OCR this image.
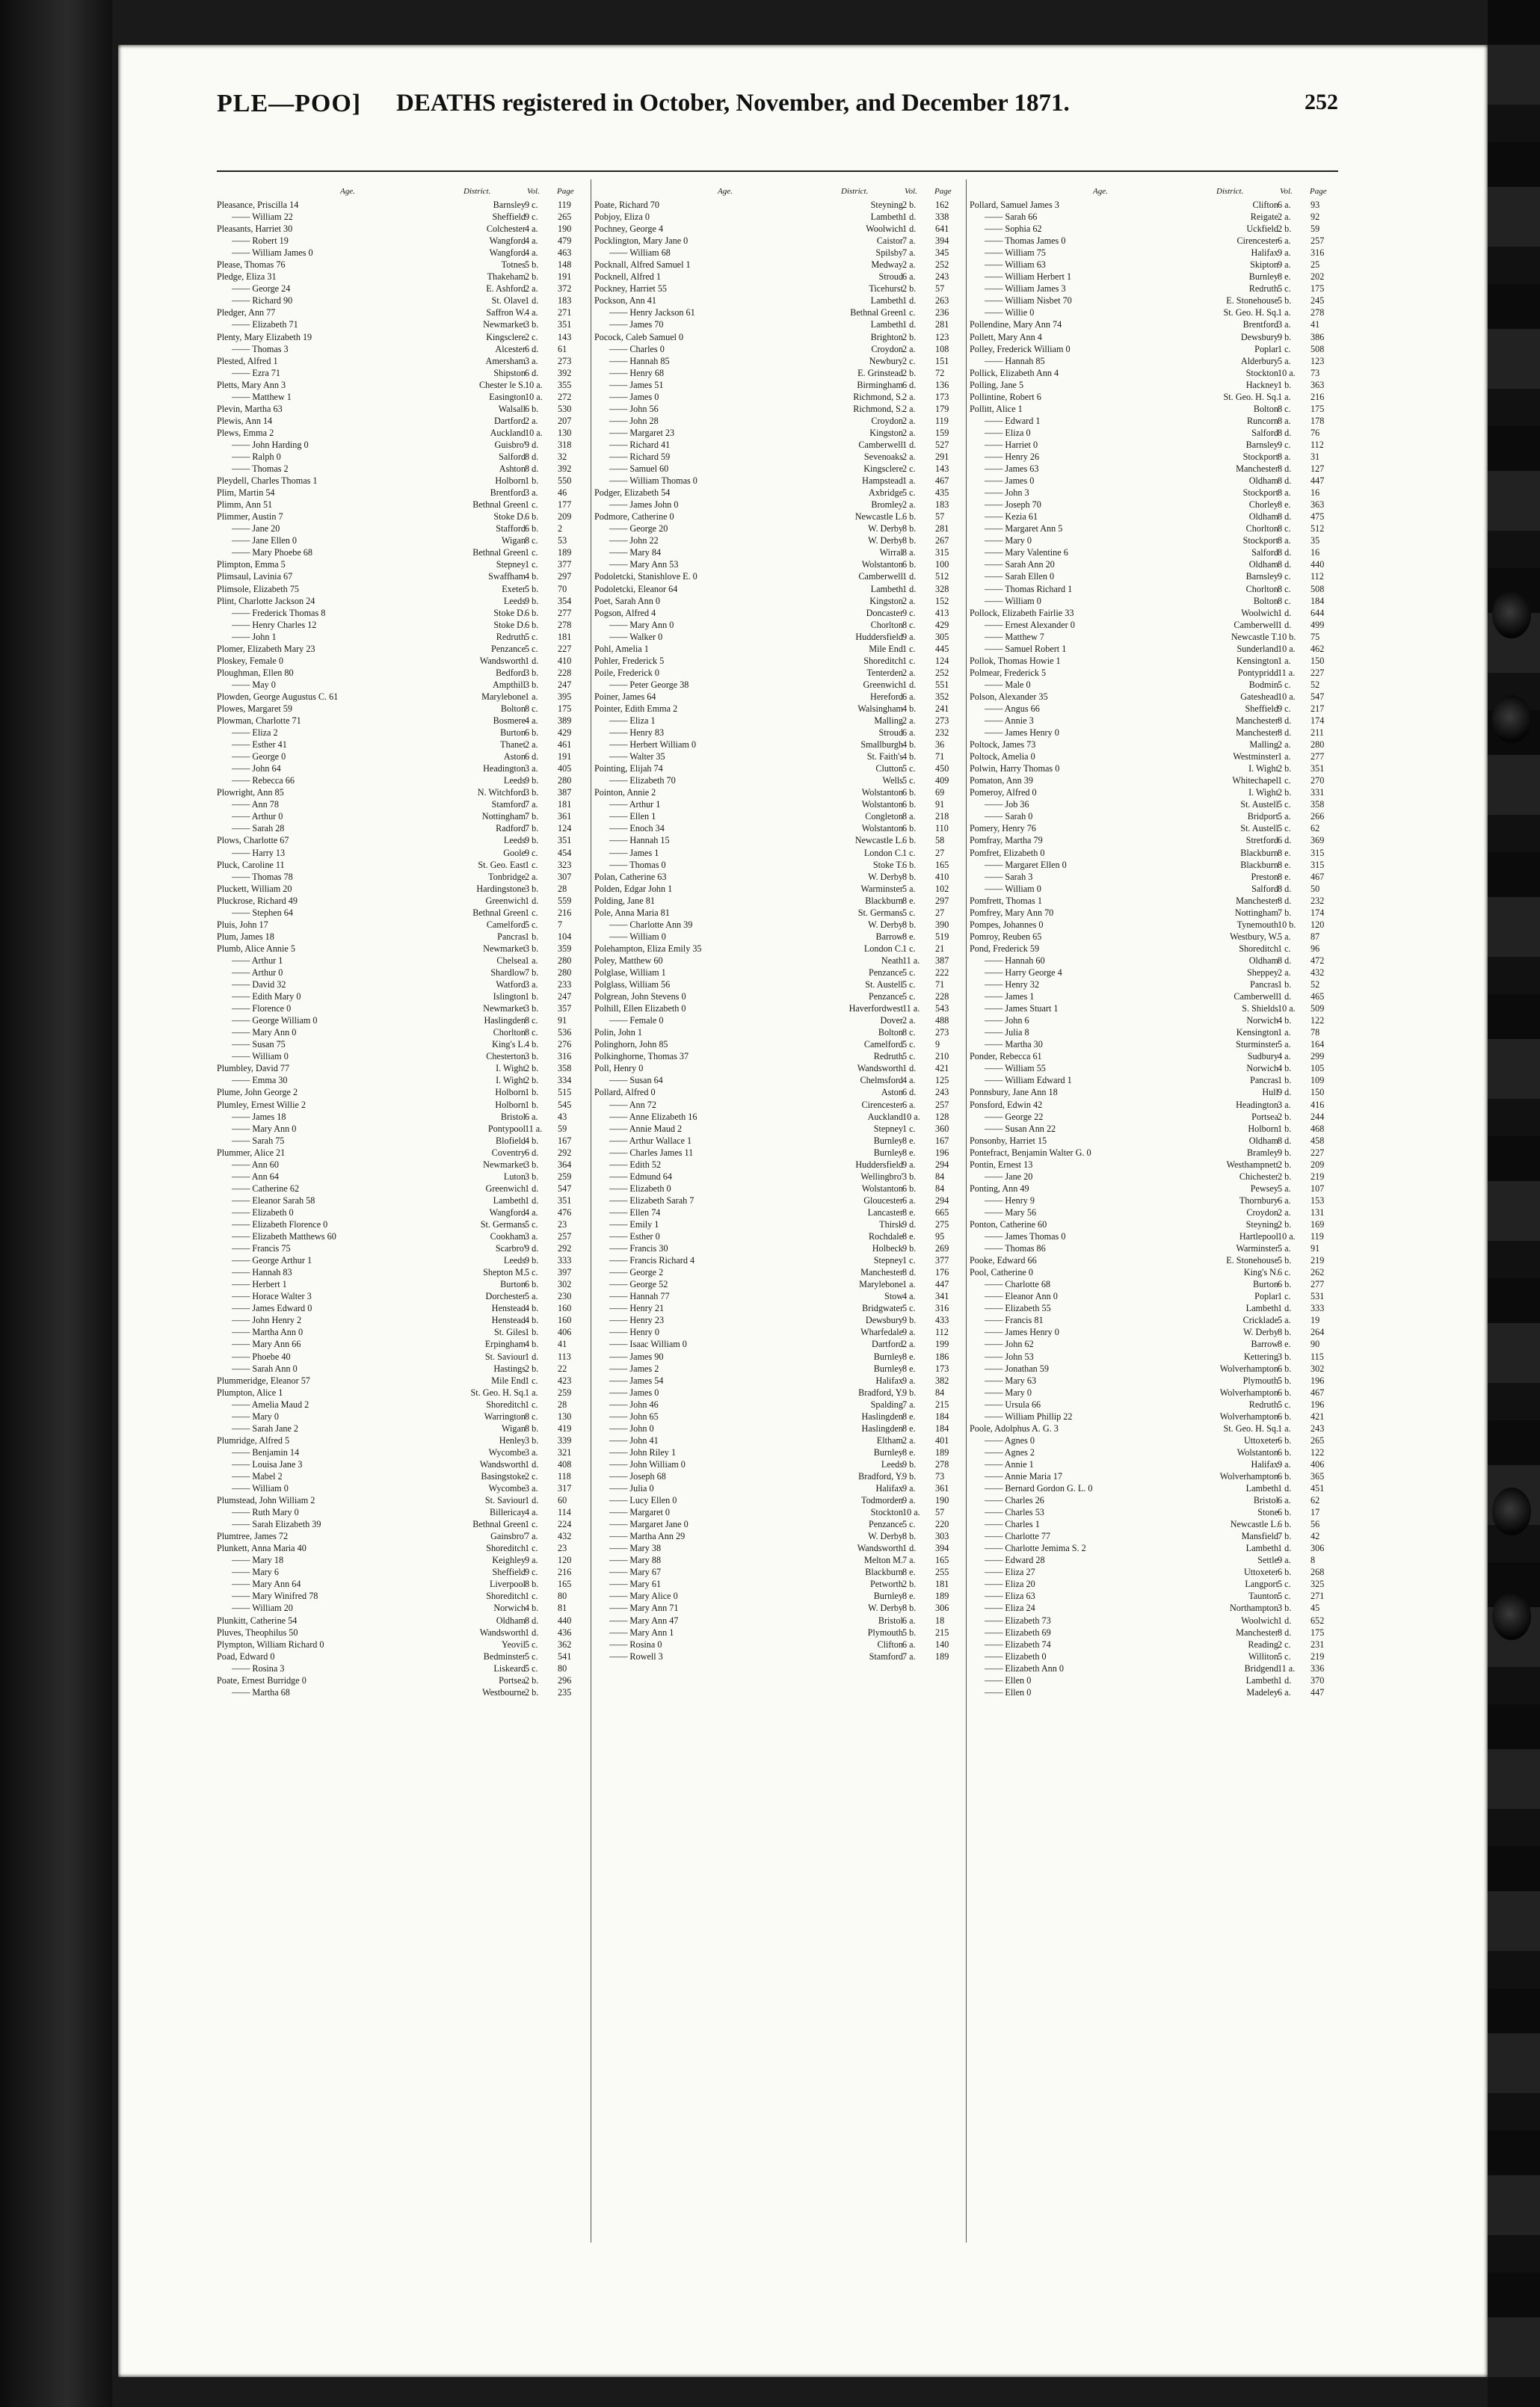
PLE—POO] DEATHS registered in October, November, and December 1871.	252
Age.	District.	Vol. Page
Pleasance, Priscilla 14	Barnsley 9 c. 119
—— William 22	Sheffield 9 c. 265
Pleasants, Harriet 30	Colchester 4 a. 190
—— Robert 19	Wangford 4 a. 479
—— William James 0	Wangford 4 a. 463
Please, Thomas 76	Totnes 5 b. 148
Pledge, Eliza 31	Thakeham 2 b. 191
—— George 24	E. Ashford 2 a. 372
—— Richard 90	St. Olave 1 d. 183
Pledger, Ann 77	Saffron W. 4 a. 271
—— Elizabeth 71	Newmarket 3 b. 351
Plenty, Mary Elizabeth 19	Kingsclere 2 c. 143
—— Thomas 3	Alcester 6 d. 61
Plested, Alfred 1	Amersham 3 a. 273
—— Ezra 71	Shipston 6 d. 392
Pletts, Mary Ann 3	Chester le S. 10 a. 355
—— Matthew 1	Easington 10 a. 272
Plevin, Martha 63	Walsall 6 b. 530
Plewis, Ann 14	Dartford 2 a. 207
Plews, Emma 2	Auckland 10 a. 130
—— John Harding 0	Guisbro' 9 d. 318
—— Ralph 0	Salford 8 d. 32
—— Thomas 2	Ashton 8 d. 392
Pleydell, Charles Thomas 1	Holborn 1 b. 550
Plim, Martin 54	Brentford 3 a. 46
Plimm, Ann 51	Bethnal Green 1 c. 177
Plimmer, Austin 7	Stoke D. 6 b. 209
—— Jane 20	Stafford 6 b. 2
—— Jane Ellen 0	Wigan 8 c. 53
—— Mary Phoebe 68	Bethnal Green 1 c. 189
Plimpton, Emma 5	Stepney 1 c. 377
Plimsaul, Lavinia 67	Swaffham 4 b. 297
Plimsole, Elizabeth 75	Exeter 5 b. 70
Plint, Charlotte Jackson 24	Leeds 9 b. 354
—— Frederick Thomas 8	Stoke D. 6 b. 277
—— Henry Charles 12	Stoke D. 6 b. 278
—— John 1	Redruth 5 c. 181
Plomer, Elizabeth Mary 23	Penzance 5 c. 227
Ploskey, Female 0	Wandsworth 1 d. 410
Ploughman, Ellen 80	Bedford 3 b. 228
—— May 0	Ampthill 3 b. 247
Plowden, George Augustus C. 61	Marylebone 1 a. 395
Plowes, Margaret 59	Bolton 8 c. 175
Plowman, Charlotte 71	Bosmere 4 a. 389
—— Eliza 2	Burton 6 b. 429
—— Esther 41	Thanet 2 a. 461
—— George 0	Aston 6 d. 191
—— John 64	Headington 3 a. 405
—— Rebecca 66	Leeds 9 b. 280
Plowright, Ann 85	N. Witchford 3 b. 387
—— Ann 78	Stamford 7 a. 181
—— Arthur 0	Nottingham 7 b. 361
—— Sarah 28	Radford 7 b. 124
Plows, Charlotte 67	Leeds 9 b. 351
—— Harry 13	Goole 9 c. 454
Pluck, Caroline 11	St. Geo. East 1 c. 323
—— Thomas 78	Tonbridge 2 a. 307
Pluckett, William 20	Hardingstone 3 b. 28
Pluckrose, Richard 49	Greenwich 1 d. 559
—— Stephen 64	Bethnal Green 1 c. 216
Pluis, John 17	Camelford 5 c. 7
Plum, James 18	Pancras 1 b. 104
Plumb, Alice Annie 5	Newmarket 3 b. 359
—— Arthur 1	Chelsea 1 a. 280
—— Arthur 0	Shardlow 7 b. 280
—— David 32	Watford 3 a. 233
—— Edith Mary 0	Islington 1 b. 247
—— Florence 0	Newmarket 3 b. 357
—— George William 0	Haslingden 8 c. 91
—— Mary Ann 0	Chorlton 8 c. 536
—— Susan 75	King's L. 4 b. 276
—— William 0	Chesterton 3 b. 316
Plumbley, David 77	I. Wight 2 b. 358
—— Emma 30	I. Wight 2 b. 334
Plume, John George 2	Holborn 1 b. 515
Plumley, Ernest Willie 2	Holborn 1 b. 545
—— James 18	Bristol 6 a. 43
—— Mary Ann 0	Pontypool 11 a. 59
—— Sarah 75	Blofield 4 b. 167
Plummer, Alice 21	Coventry 6 d. 292
—— Ann 60	Newmarket 3 b. 364
—— Ann 64	Luton 3 b. 259
—— Catherine 62	Greenwich 1 d. 547
—— Eleanor Sarah 58	Lambeth 1 d. 351
—— Elizabeth 0	Wangford 4 a. 476
—— Elizabeth Florence 0	St. Germans 5 c. 23
—— Elizabeth Matthews 60	Cookham 3 a. 257
—— Francis 75	Scarbro' 9 d. 292
—— George Arthur 1	Leeds 9 b. 333
—— Hannah 83	Shepton M. 5 c. 397
—— Herbert 1	Burton 6 b. 302
—— Horace Walter 3	Dorchester 5 a. 230
—— James Edward 0	Henstead 4 b. 160
—— John Henry 2	Henstead 4 b. 160
—— Martha Ann 0	St. Giles 1 b. 406
—— Mary Ann 66	Erpingham 4 b. 41
—— Phoebe 40	St. Saviour 1 d. 113
—— Sarah Ann 0	Hastings 2 b. 22
Plummeridge, Eleanor 57	Mile End 1 c. 423
Plumpton, Alice 1	St. Geo. H. Sq. 1 a. 259
—— Amelia Maud 2	Shoreditch 1 c. 28
—— Mary 0	Warrington 8 c. 130
—— Sarah Jane 2	Wigan 8 b. 419
Plumridge, Alfred 5	Henley 3 b. 339
—— Benjamin 14	Wycombe 3 a. 321
—— Louisa Jane 3	Wandsworth 1 d. 408
—— Mabel 2	Basingstoke 2 c. 118
—— William 0	Wycombe 3 a. 317
Plumstead, John William 2	St. Saviour 1 d. 60
—— Ruth Mary 0	Billericay 4 a. 114
—— Sarah Elizabeth 39	Bethnal Green 1 c. 224
Plumtree, James 72	Gainsbro' 7 a. 432
Plunkett, Anna Maria 40	Shoreditch 1 c. 23
—— Mary 18	Keighley 9 a. 120
—— Mary 6	Sheffield 9 c. 216
—— Mary Ann 64	Liverpool 8 b. 165
—— Mary Winifred 78	Shoreditch 1 c. 80
—— William 20	Norwich 4 b. 81
Plunkitt, Catherine 54	Oldham 8 d. 440
Pluves, Theophilus 50	Wandsworth 1 d. 436
Plympton, William Richard 0	Yeovil 5 c. 362
Poad, Edward 0	Bedminster 5 c. 541
—— Rosina 3	Liskeard 5 c. 80
Poate, Ernest Burridge 0	Portsea 2 b. 296
—— Martha 68	Westbourne 2 b. 235
Age.	District.	Vol. Page
Poate, Richard 70	Steyning 2 b. 162
Pobjoy, Eliza 0	Lambeth 1 d. 338
Pochney, George 4	Woolwich 1 d. 641
Pocklington, Mary Jane 0	Caistor 7 a. 394
—— William 68	Spilsby 7 a. 345
Pocknall, Alfred Samuel 1	Medway 2 a. 252
Pocknell, Alfred 1	Stroud 6 a. 243
Pockney, Harriet 55	Ticehurst 2 b. 57
Pockson, Ann 41	Lambeth 1 d. 263
—— Henry Jackson 61	Bethnal Green 1 c. 236
—— James 70	Lambeth 1 d. 281
Pocock, Caleb Samuel 0	Brighton 2 b. 123
—— Charles 0	Croydon 2 a. 108
—— Hannah 85	Newbury 2 c. 151
—— Henry 68	E. Grinstead 2 b. 72
—— James 51	Birmingham 6 d. 136
—— James 0	Richmond, S. 2 a. 173
—— John 56	Richmond, S. 2 a. 179
—— John 28	Croydon 2 a. 119
—— Margaret 23	Kingston 2 a. 159
—— Richard 41	Camberwell 1 d. 527
—— Richard 59	Sevenoaks 2 a. 291
—— Samuel 60	Kingsclere 2 c. 143
—— William Thomas 0	Hampstead 1 a. 467
Podger, Elizabeth 54	Axbridge 5 c. 435
—— James John 0	Bromley 2 a. 183
Podmore, Catherine 0	Newcastle L. 6 b. 57
—— George 20	W. Derby 8 b. 281
—— John 22	W. Derby 8 b. 267
—— Mary 84	Wirral 8 a. 315
—— Mary Ann 53	Wolstanton 6 b. 100
Podoletcki, Stanishlove E. 0	Camberwell 1 d. 512
Podoletcki, Eleanor 64	Lambeth 1 d. 328
Poet, Sarah Ann 0	Kingston 2 a. 152
Pogson, Alfred 4	Doncaster 9 c. 413
—— Mary Ann 0	Chorlton 8 c. 429
—— Walker 0	Huddersfield 9 a. 305
Pohl, Amelia 1	Mile End 1 c. 445
Pohler, Frederick 5	Shoreditch 1 c. 124
Poile, Frederick 0	Tenterden 2 a. 252
—— Peter George 38	Greenwich 1 d. 551
Poiner, James 64	Hereford 6 a. 352
Pointer, Edith Emma 2	Walsingham 4 b. 241
—— Eliza 1	Malling 2 a. 273
—— Henry 83	Stroud 6 a. 232
—— Herbert William 0	Smallburgh 4 b. 36
—— Walter 35	St. Faith's 4 b. 71
Pointing, Elijah 74	Clutton 5 c. 450
—— Elizabeth 70	Wells 5 c. 409
Pointon, Annie 2	Wolstanton 6 b. 69
—— Arthur 1	Wolstanton 6 b. 91
—— Ellen 1	Congleton 8 a. 218
—— Enoch 34	Wolstanton 6 b. 110
—— Hannah 15	Newcastle L. 6 b. 58
—— James 1	London C. 1 c. 27
—— Thomas 0	Stoke T. 6 b. 165
Polan, Catherine 63	W. Derby 8 b. 410
Polden, Edgar John 1	Warminster 5 a. 102
Polding, Jane 81	Blackburn 8 e. 297
Pole, Anna Maria 81	St. Germans 5 c. 27
—— Charlotte Ann 39	W. Derby 8 b. 390
—— William 0	Barrow 8 e. 519
Polehampton, Eliza Emily 35	London C. 1 c. 21
Poley, Matthew 60	Neath 11 a. 387
Polglase, William 1	Penzance 5 c. 222
Polglass, William 56	St. Austell 5 c. 71
Polgrean, John Stevens 0	Penzance 5 c. 228
Polhill, Ellen Elizabeth 0	Haverfordwest 11 a. 543
—— Female 0	Dover 2 a. 488
Polin, John 1	Bolton 8 c. 273
Polinghorn, John 85	Camelford 5 c. 9
Polkinghorne, Thomas 37	Redruth 5 c. 210
Poll, Henry 0	Wandsworth 1 d. 421
—— Susan 64	Chelmsford 4 a. 125
Pollard, Alfred 0	Aston 6 d. 243
—— Ann 72	Cirencester 6 a. 257
—— Anne Elizabeth 16	Auckland 10 a. 128
—— Annie Maud 2	Stepney 1 c. 360
—— Arthur Wallace 1	Burnley 8 e. 167
—— Charles James 11	Burnley 8 e. 196
—— Edith 52	Huddersfield 9 a. 294
—— Edmund 64	Wellingbro' 3 b. 84
—— Elizabeth 0	Wolstanton 6 b. 84
—— Elizabeth Sarah 7	Gloucester 6 a. 294
—— Ellen 74	Lancaster 8 e. 665
—— Emily 1	Thirsk 9 d. 275
—— Esther 0	Rochdale 8 e. 95
—— Francis 30	Holbeck 9 b. 269
—— Francis Richard 4	Stepney 1 c. 377
—— George 2	Manchester 8 d. 176
—— George 52	Marylebone 1 a. 447
—— Hannah 77	Stow 4 a. 341
—— Henry 21	Bridgwater 5 c. 316
—— Henry 23	Dewsbury 9 b. 433
—— Henry 0	Wharfedale 9 a. 112
—— Isaac William 0	Dartford 2 a. 199
—— James 90	Burnley 8 e. 186
—— James 2	Burnley 8 e. 173
—— James 54	Halifax 9 a. 382
—— James 0	Bradford, Y. 9 b. 84
—— John 46	Spalding 7 a. 215
—— John 65	Haslingden 8 e. 184
—— John 0	Haslingden 8 e. 184
—— John 41	Eltham 2 a. 401
—— John Riley 1	Burnley 8 e. 189
—— John William 0	Leeds 9 b. 278
—— Joseph 68	Bradford, Y. 9 b. 73
—— Julia 0	Halifax 9 a. 361
—— Lucy Ellen 0	Todmorden 9 a. 190
—— Margaret 0	Stockton 10 a. 57
—— Margaret Jane 0	Penzance 5 c. 220
—— Martha Ann 29	W. Derby 8 b. 303
—— Mary 38	Wandsworth 1 d. 394
—— Mary 88	Melton M. 7 a. 165
—— Mary 67	Blackburn 8 e. 255
—— Mary 61	Petworth 2 b. 181
—— Mary Alice 0	Burnley 8 e. 189
—— Mary Ann 71	W. Derby 8 b. 306
—— Mary Ann 47	Bristol 6 a. 18
—— Mary Ann 1	Plymouth 5 b. 215
—— Rosina 0	Clifton 6 a. 140
—— Rowell 3	Stamford 7 a. 189
Age.	District.	Vol. Page
Pollard, Samuel James 3	Clifton 6 a. 93
—— Sarah 66	Reigate 2 a. 92
—— Sophia 62	Uckfield 2 b. 59
—— Thomas James 0	Cirencester 6 a. 257
—— William 75	Halifax 9 a. 316
—— William 63	Skipton 9 a. 25
—— William Herbert 1	Burnley 8 e. 202
—— William James 3	Redruth 5 c. 175
—— William Nisbet 70	E. Stonehouse 5 b. 245
—— Willie 0	St. Geo. H. Sq. 1 a. 278
Pollendine, Mary Ann 74	Brentford 3 a. 41
Pollett, Mary Ann 4	Dewsbury 9 b. 386
Polley, Frederick William 0	Poplar 1 c. 508
—— Hannah 85	Alderbury 5 a. 123
Pollick, Elizabeth Ann 4	Stockton 10 a. 73
Polling, Jane 5	Hackney 1 b. 363
Pollintine, Robert 6	St. Geo. H. Sq. 1 a. 216
Pollitt, Alice 1	Bolton 8 c. 175
—— Edward 1	Runcorn 8 a. 178
—— Eliza 0	Salford 8 d. 76
—— Harriet 0	Barnsley 9 c. 112
—— Henry 26	Stockport 8 a. 31
—— James 63	Manchester 8 d. 127
—— James 0	Oldham 8 d. 447
—— John 3	Stockport 8 a. 16
—— Joseph 70	Chorley 8 e. 363
—— Kezia 61	Oldham 8 d. 475
—— Margaret Ann 5	Chorlton 8 c. 512
—— Mary 0	Stockport 8 a. 35
—— Mary Valentine 6	Salford 8 d. 16
—— Sarah Ann 20	Oldham 8 d. 440
—— Sarah Ellen 0	Barnsley 9 c. 112
—— Thomas Richard 1	Chorlton 8 c. 508
—— William 0	Bolton 8 c. 184
Pollock, Elizabeth Fairlie 33	Woolwich 1 d. 644
—— Ernest Alexander 0	Camberwell 1 d. 499
—— Matthew 7	Newcastle T. 10 b. 75
—— Samuel Robert 1	Sunderland 10 a. 462
Pollok, Thomas Howie 1	Kensington 1 a. 150
Polmear, Frederick 5	Pontypridd 11 a. 227
—— Male 0	Bodmin 5 c. 52
Polson, Alexander 35	Gateshead 10 a. 547
—— Angus 66	Sheffield 9 c. 217
—— Annie 3	Manchester 8 d. 174
—— James Henry 0	Manchester 8 d. 211
Poltock, James 73	Malling 2 a. 280
Poltock, Amelia 0	Westminster 1 a. 277
Polwin, Harry Thomas 0	I. Wight 2 b. 351
Pomaton, Ann 39	Whitechapel 1 c. 270
Pomeroy, Alfred 0	I. Wight 2 b. 331
—— Job 36	St. Austell 5 c. 358
—— Sarah 0	Bridport 5 a. 266
Pomery, Henry 76	St. Austell 5 c. 62
Pomfray, Martha 79	Stretford 6 d. 369
Pomfret, Elizabeth 0	Blackburn 8 e. 315
—— Margaret Ellen 0	Blackburn 8 e. 315
—— Sarah 3	Preston 8 e. 467
—— William 0	Salford 8 d. 50
Pomfrett, Thomas 1	Manchester 8 d. 232
Pomfrey, Mary Ann 70	Nottingham 7 b. 174
Pompes, Johannes 0	Tynemouth 10 b. 120
Pomroy, Reuben 65	Westbury, W. 5 a. 87
Pond, Frederick 59	Shoreditch 1 c. 96
—— Hannah 60	Oldham 8 d. 472
—— Harry George 4	Sheppey 2 a. 432
—— Henry 32	Pancras 1 b. 52
—— James 1	Camberwell 1 d. 465
—— James Stuart 1	S. Shields 10 a. 509
—— John 6	Norwich 4 b. 122
—— Julia 8	Kensington 1 a. 78
—— Martha 30	Sturminster 5 a. 164
Ponder, Rebecca 61	Sudbury 4 a. 299
—— William 55	Norwich 4 b. 105
—— William Edward 1	Pancras 1 b. 109
Ponnsbury, Jane Ann 18	Hull 9 d. 150
Ponsford, Edwin 42	Headington 3 a. 416
—— George 22	Portsea 2 b. 244
—— Susan Ann 22	Holborn 1 b. 468
Ponsonby, Harriet 15	Oldham 8 d. 458
Pontefract, Benjamin Walter G. 0	Bramley 9 b. 227
Pontin, Ernest 13	Westhampnett 2 b. 209
—— Jane 20	Chichester 2 b. 219
Ponting, Ann 49	Pewsey 5 a. 107
—— Henry 9	Thornbury 6 a. 153
—— Mary 56	Croydon 2 a. 131
Ponton, Catherine 60	Steyning 2 b. 169
—— James Thomas 0	Hartlepool 10 a. 119
—— Thomas 86	Warminster 5 a. 91
Pooke, Edward 66	E. Stonehouse 5 b. 219
Pool, Catherine 0	King's N. 6 c. 262
—— Charlotte 68	Burton 6 b. 277
—— Eleanor Ann 0	Poplar 1 c. 531
—— Elizabeth 55	Lambeth 1 d. 333
—— Francis 81	Cricklade 5 a. 19
—— James Henry 0	W. Derby 8 b. 264
—— John 62	Barrow 8 e. 90
—— John 53	Kettering 3 b. 115
—— Jonathan 59	Wolverhampton 6 b. 302
—— Mary 63	Plymouth 5 b. 196
—— Mary 0	Wolverhampton 6 b. 467
—— Ursula 66	Redruth 5 c. 196
—— William Phillip 22	Wolverhampton 6 b. 421
Poole, Adolphus A. G. 3	St. Geo. H. Sq. 1 a. 243
—— Agnes 0	Uttoxeter 6 b. 265
—— Agnes 2	Wolstanton 6 b. 122
—— Annie 1	Halifax 9 a. 406
—— Annie Maria 17	Wolverhampton 6 b. 365
—— Bernard Gordon G. L. 0	Lambeth 1 d. 451
—— Charles 26	Bristol 6 a. 62
—— Charles 53	Stone 6 b. 17
—— Charles 1	Newcastle L. 6 b. 56
—— Charlotte 77	Mansfield 7 b. 42
—— Charlotte Jemima S. 2	Lambeth 1 d. 306
—— Edward 28	Settle 9 a. 8
—— Eliza 27	Uttoxeter 6 b. 268
—— Eliza 20	Langport 5 c. 325
—— Eliza 63	Taunton 5 c. 271
—— Eliza 24	Northampton 3 b. 45
—— Elizabeth 73	Woolwich 1 d. 652
—— Elizabeth 69	Manchester 8 d. 175
—— Elizabeth 74	Reading 2 c. 231
—— Elizabeth 0	Williton 5 c. 219
—— Elizabeth Ann 0	Bridgend 11 a. 336
—— Ellen 0	Lambeth 1 d. 370
—— Ellen 0	Madeley 6 a. 447
